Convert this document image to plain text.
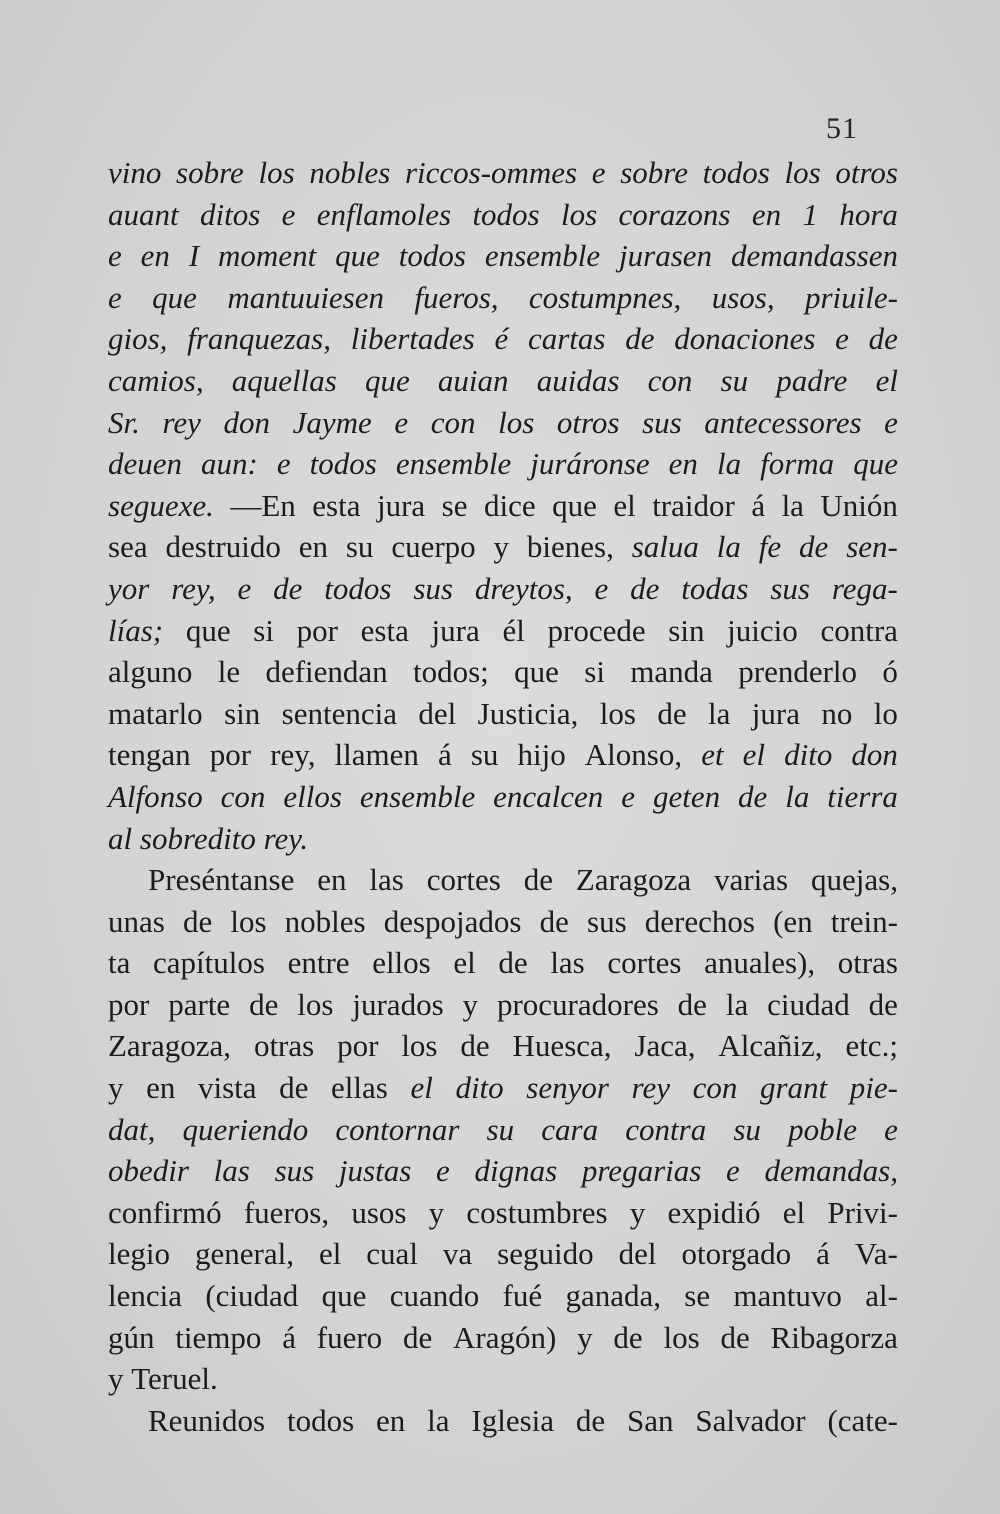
51
vino sobre los nobles riccos-ommes e sobre todos los otros
auant ditos e enflamoles todos los corazons en 1 hora
e en I moment que todos ensemble jurasen demandassen
e que mantuuiesen fueros, costumpnes, usos, priuile-
gios, franquezas, libertades é cartas de donaciones e de
camios, aquellas que auian auidas con su padre el
Sr. rey don Jayme e con los otros sus antecessores e
deuen aun: e todos ensemble juráronse en la forma que
seguexe. —En esta jura se dice que el traidor á la Unión
sea destruido en su cuerpo y bienes, salua la fe de sen-
yor rey, e de todos sus dreytos, e de todas sus rega-
lías; que si por esta jura él procede sin juicio contra
alguno le defiendan todos; que si manda prenderlo ó
matarlo sin sentencia del Justicia, los de la jura no lo
tengan por rey, llamen á su hijo Alonso, et el dito don
Alfonso con ellos ensemble encalcen e geten de la tierra
al sobredito rey.
Preséntanse en las cortes de Zaragoza varias quejas,
unas de los nobles despojados de sus derechos (en trein-
ta capítulos entre ellos el de las cortes anuales), otras
por parte de los jurados y procuradores de la ciudad de
Zaragoza, otras por los de Huesca, Jaca, Alcañiz, etc.;
y en vista de ellas el dito senyor rey con grant pie-
dat, queriendo contornar su cara contra su poble e
obedir las sus justas e dignas pregarias e demandas,
confirmó fueros, usos y costumbres y expidió el Privi-
legio general, el cual va seguido del otorgado á Va-
lencia (ciudad que cuando fué ganada, se mantuvo al-
gún tiempo á fuero de Aragón) y de los de Ribagorza
y Teruel.
Reunidos todos en la Iglesia de San Salvador (cate-
